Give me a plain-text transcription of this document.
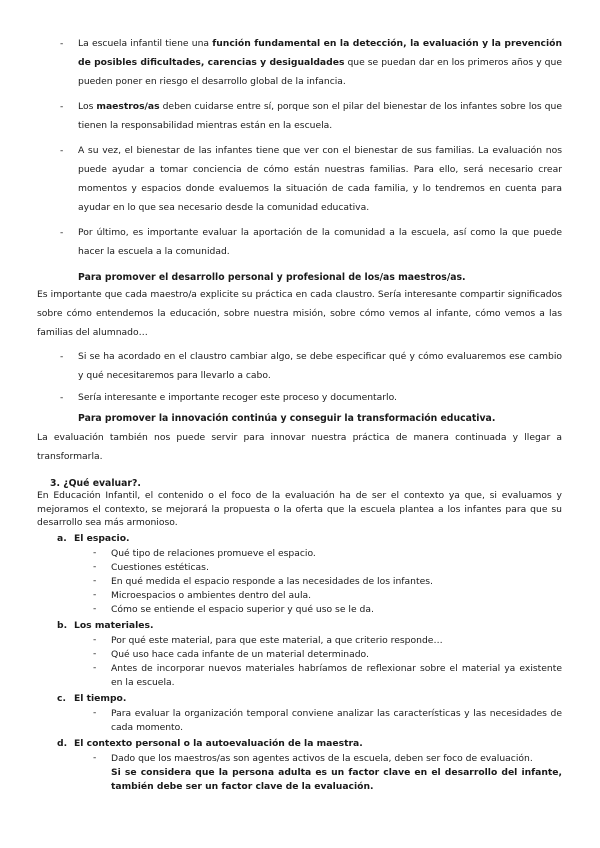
- La escuela infantil tiene una función fundamental en la detección, la evaluación y la prevención de posibles dificultades, carencias y desigualdades que se puedan dar en los primeros años y que pueden poner en riesgo el desarrollo global de la infancia.

- Los maestros/as deben cuidarse entre sí, porque son el pilar del bienestar de los infantes sobre los que tienen la responsabilidad mientras están en la escuela.

- A su vez, el bienestar de las infantes tiene que ver con el bienestar de sus familias. La evaluación nos puede ayudar a tomar conciencia de cómo están nuestras familias. Para ello, será necesario crear momentos y espacios donde evaluemos la situación de cada familia, y lo tendremos en cuenta para ayudar en lo que sea necesario desde la comunidad educativa.

- Por último, es importante evaluar la aportación de la comunidad a la escuela, así como la que puede hacer la escuela a la comunidad.

Para promover el desarrollo personal y profesional de los/as maestros/as.

Es importante que cada maestro/a explicite su práctica en cada claustro. Sería interesante compartir significados sobre cómo entendemos la educación, sobre nuestra misión, sobre cómo vemos al infante, cómo vemos a las familias del alumnado…

- Si se ha acordado en el claustro cambiar algo, se debe especificar qué y cómo evaluaremos ese cambio y qué necesitaremos para llevarlo a cabo.

- Sería interesante e importante recoger este proceso y documentarlo.

Para promover la innovación continúa y conseguir la transformación educativa.

La evaluación también nos puede servir para innovar nuestra práctica de manera continuada y llegar a transformarla.

3. ¿Qué evaluar?.

En Educación Infantil, el contenido o el foco de la evaluación ha de ser el contexto ya que, si evaluamos y mejoramos el contexto, se mejorará la propuesta o la oferta que la escuela plantea a los infantes para que su desarrollo sea más armonioso.

a. El espacio.
- Qué tipo de relaciones promueve el espacio.

- Cuestiones estéticas.

- En qué medida el espacio responde a las necesidades de los infantes.

- Microespacios o ambientes dentro del aula.

- Cómo se entiende el espacio superior y qué uso se le da.

b. Los materiales.
- Por qué este material, para que este material, a que criterio responde…

- Qué uso hace cada infante de un material determinado.

- Antes de incorporar nuevos materiales habríamos de reflexionar sobre el material ya existente en la escuela.

c. El tiempo.
- Para evaluar la organización temporal conviene analizar las características y las necesidades de cada momento.

d. El contexto personal o la autoevaluación de la maestra.
- Dado que los maestros/as son agentes activos de la escuela, deben ser foco de evaluación.

Si se considera que la persona adulta es un factor clave en el desarrollo del infante, también debe ser un factor clave de la evaluación.
